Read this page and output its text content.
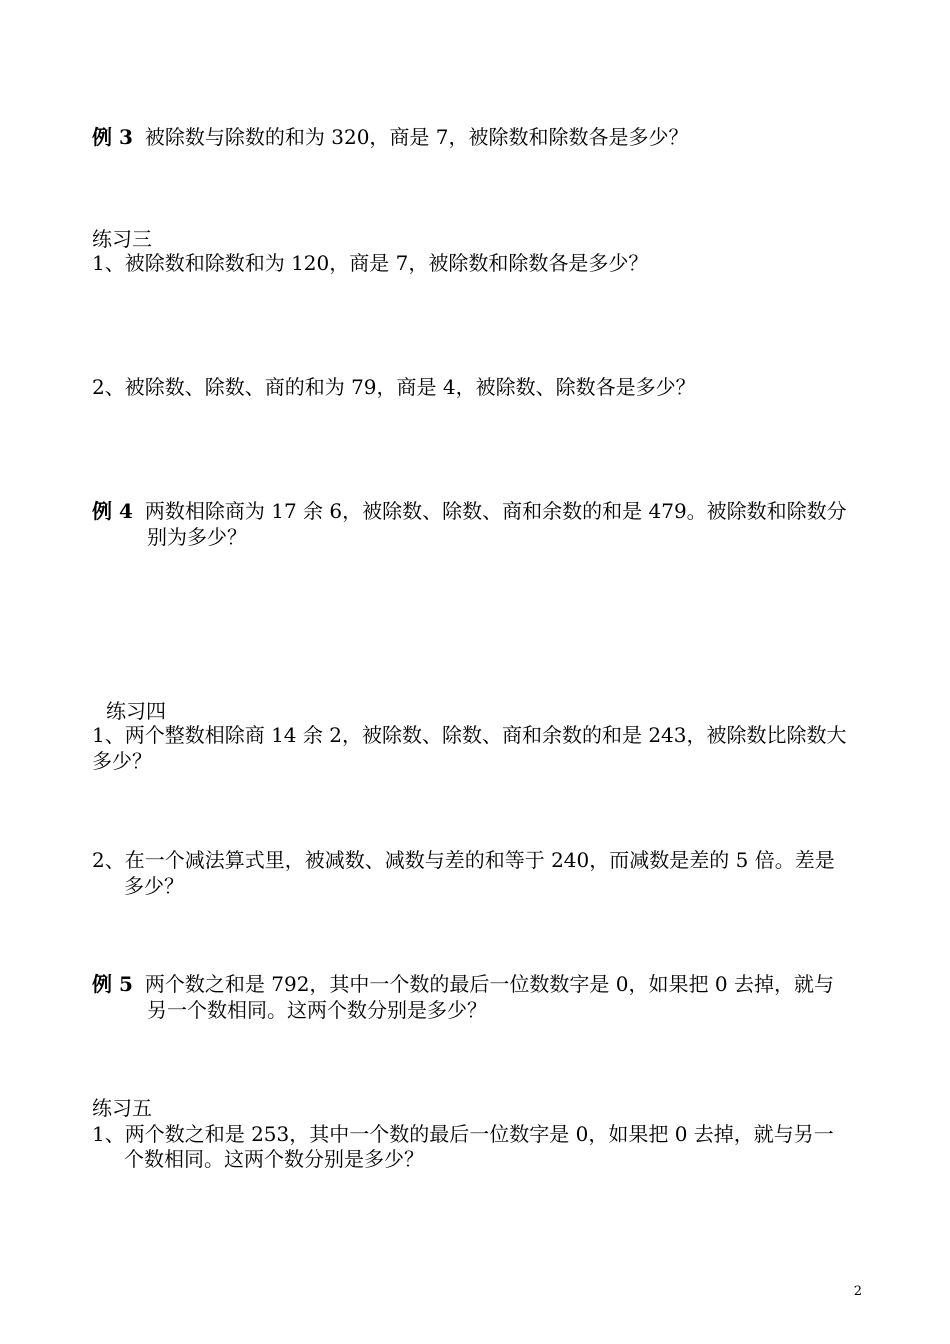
例 3 被除数与除数的和为 320，商是 7，被除数和除数各是多少？
练习三
1、被除数和除数和为 120，商是 7，被除数和除数各是多少？
2、被除数、除数、商的和为 79，商是 4，被除数、除数各是多少？
例 4 两数相除商为 17 余 6，被除数、除数、商和余数的和是 479。被除数和除数分
别为多少？
练习四
1、两个整数相除商 14 余 2，被除数、除数、商和余数的和是 243，被除数比除数大
多少？
2、在一个减法算式里，被减数、减数与差的和等于 240，而减数是差的 5 倍。差是
多少？
例 5 两个数之和是 792，其中一个数的最后一位数数字是 0，如果把 0 去掉，就与
另一个数相同。这两个数分别是多少？
练习五
1、两个数之和是 253，其中一个数的最后一位数字是 0，如果把 0 去掉，就与另一
个数相同。这两个数分别是多少？
2
